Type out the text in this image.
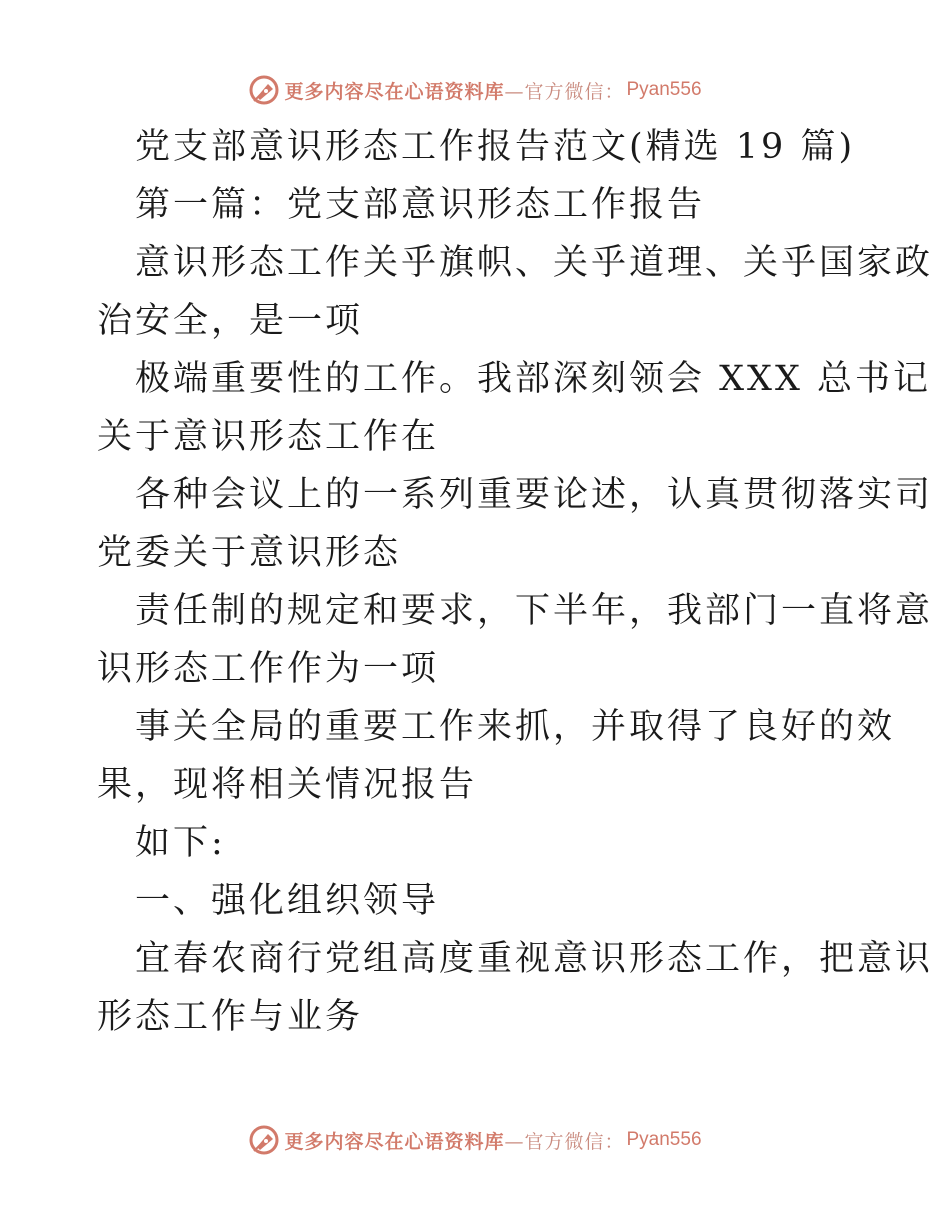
更多内容尽在心语资料库 —官方微信： Pyan556
党支部意识形态工作报告范文(精选 19 篇)
第一篇：党支部意识形态工作报告
意识形态工作关乎旗帜、关乎道理、关乎国家政
治安全，是一项
极端重要性的工作。我部深刻领会 XXX 总书记
关于意识形态工作在
各种会议上的一系列重要论述，认真贯彻落实司
党委关于意识形态
责任制的规定和要求，下半年，我部门一直将意
识形态工作作为一项
事关全局的重要工作来抓，并取得了良好的效
果，现将相关情况报告
如下:
一、强化组织领导
宜春农商行党组高度重视意识形态工作，把意识
形态工作与业务
更多内容尽在心语资料库 —官方微信： Pyan556
